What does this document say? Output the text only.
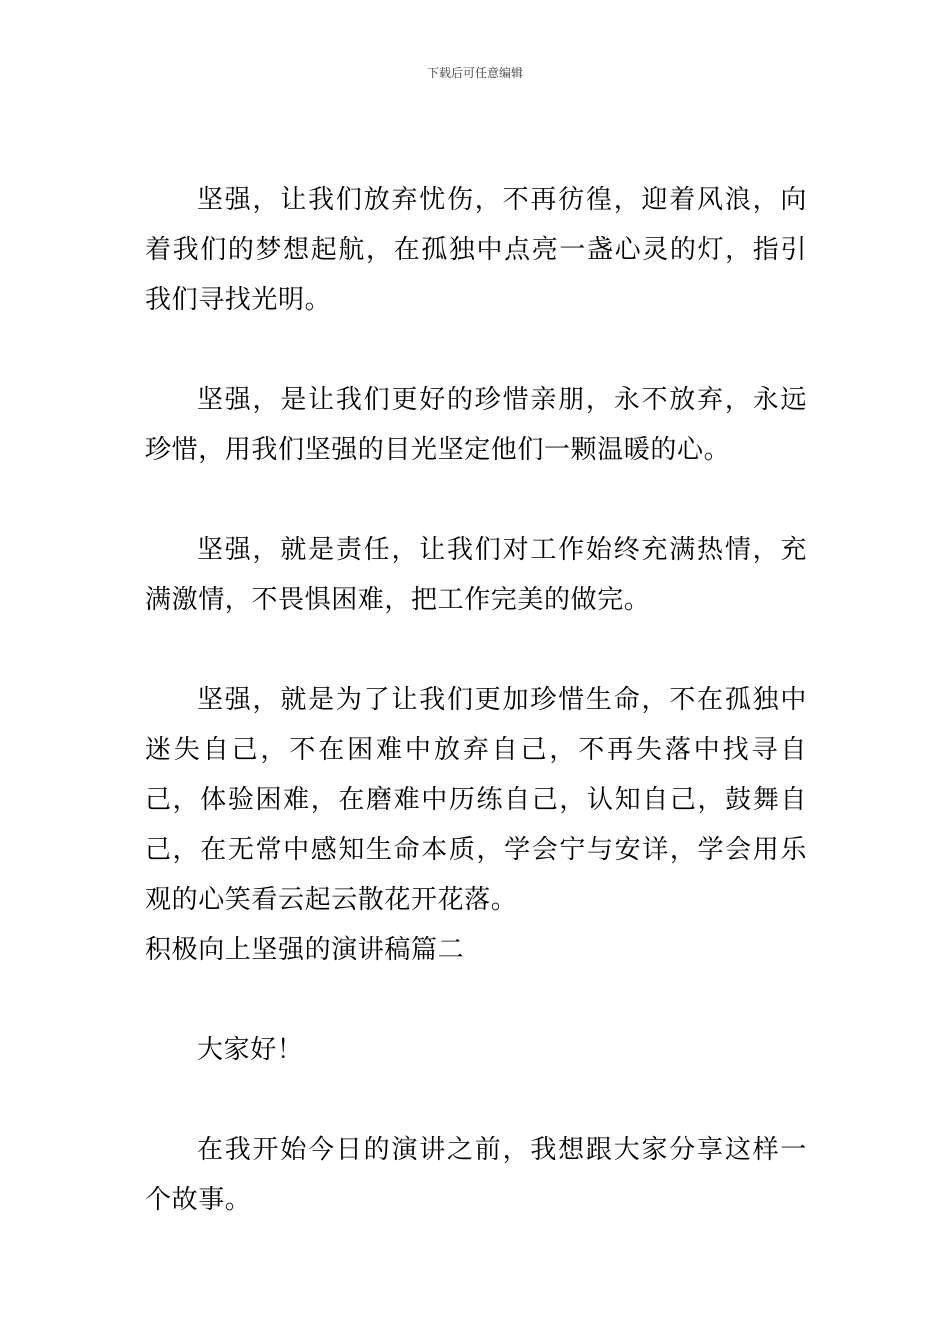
下载后可任意编辑

坚强，让我们放弃忧伤，不再彷徨，迎着风浪，向着我们的梦想起航，在孤独中点亮一盏心灵的灯，指引我们寻找光明。

坚强，是让我们更好的珍惜亲朋，永不放弃，永远珍惜，用我们坚强的目光坚定他们一颗温暖的心。

坚强，就是责任，让我们对工作始终充满热情，充满激情，不畏惧困难，把工作完美的做完。

坚强，就是为了让我们更加珍惜生命，不在孤独中迷失自己，不在困难中放弃自己，不再失落中找寻自己，体验困难，在磨难中历练自己，认知自己，鼓舞自己，在无常中感知生命本质，学会宁与安详，学会用乐观的心笑看云起云散花开花落。

积极向上坚强的演讲稿篇二

大家好！

在我开始今日的演讲之前，我想跟大家分享这样一个故事。
